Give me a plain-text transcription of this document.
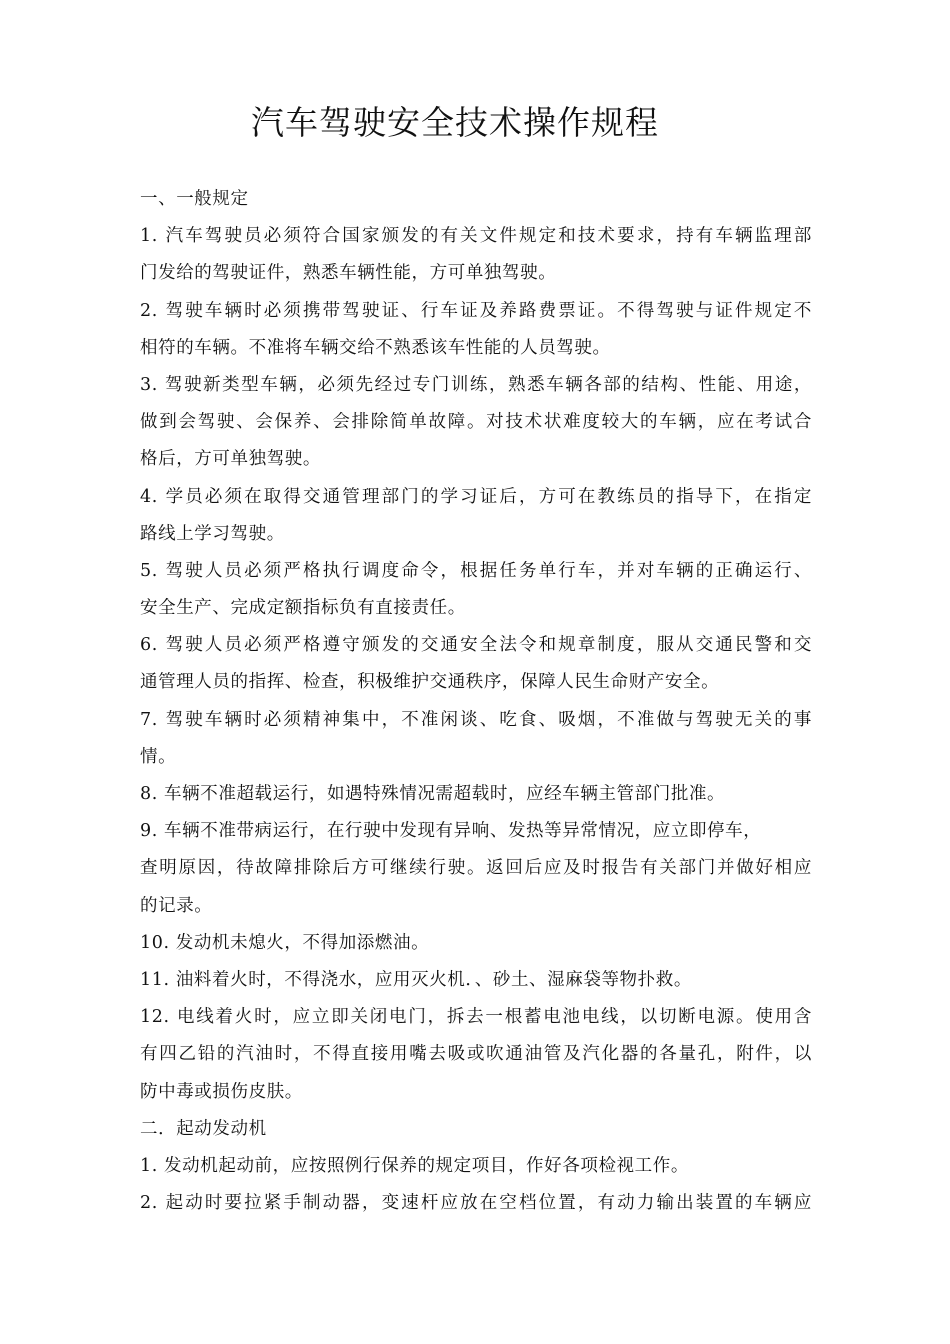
汽车驾驶安全技术操作规程
一、一般规定
1. 汽车驾驶员必须符合国家颁发的有关文件规定和技术要求，持有车辆监理部
门发给的驾驶证件，熟悉车辆性能，方可单独驾驶。
2. 驾驶车辆时必须携带驾驶证、行车证及养路费票证。不得驾驶与证件规定不
相符的车辆。不准将车辆交给不熟悉该车性能的人员驾驶。
3. 驾驶新类型车辆，必须先经过专门训练，熟悉车辆各部的结构、性能、用途，
做到会驾驶、会保养、会排除简单故障。对技术状难度较大的车辆，应在考试合
格后，方可单独驾驶。
4. 学员必须在取得交通管理部门的学习证后，方可在教练员的指导下，在指定
路线上学习驾驶。
5. 驾驶人员必须严格执行调度命令，根据任务单行车，并对车辆的正确运行、
安全生产、完成定额指标负有直接责任。
6. 驾驶人员必须严格遵守颁发的交通安全法令和规章制度，服从交通民警和交
通管理人员的指挥、检查，积极维护交通秩序，保障人民生命财产安全。
7. 驾驶车辆时必须精神集中，不准闲谈、吃食、吸烟，不准做与驾驶无关的事
情。
8. 车辆不准超载运行，如遇特殊情况需超载时，应经车辆主管部门批准。
9. 车辆不准带病运行，在行驶中发现有异响、发热等异常情况，应立即停车，
查明原因，待故障排除后方可继续行驶。返回后应及时报告有关部门并做好相应
的记录。
10. 发动机未熄火，不得加添燃油。
11. 油料着火时，不得浇水，应用灭火机．、砂土、湿麻袋等物扑救。
12. 电线着火时，应立即关闭电门，拆去一根蓄电池电线，以切断电源。使用含
有四乙铅的汽油时，不得直接用嘴去吸或吹通油管及汽化器的各量孔，附件，以
防中毒或损伤皮肤。
二．起动发动机
1. 发动机起动前，应按照例行保养的规定项目，作好各项检视工作。
2. 起动时要拉紧手制动器，变速杆应放在空档位置，有动力输出装置的车辆应
